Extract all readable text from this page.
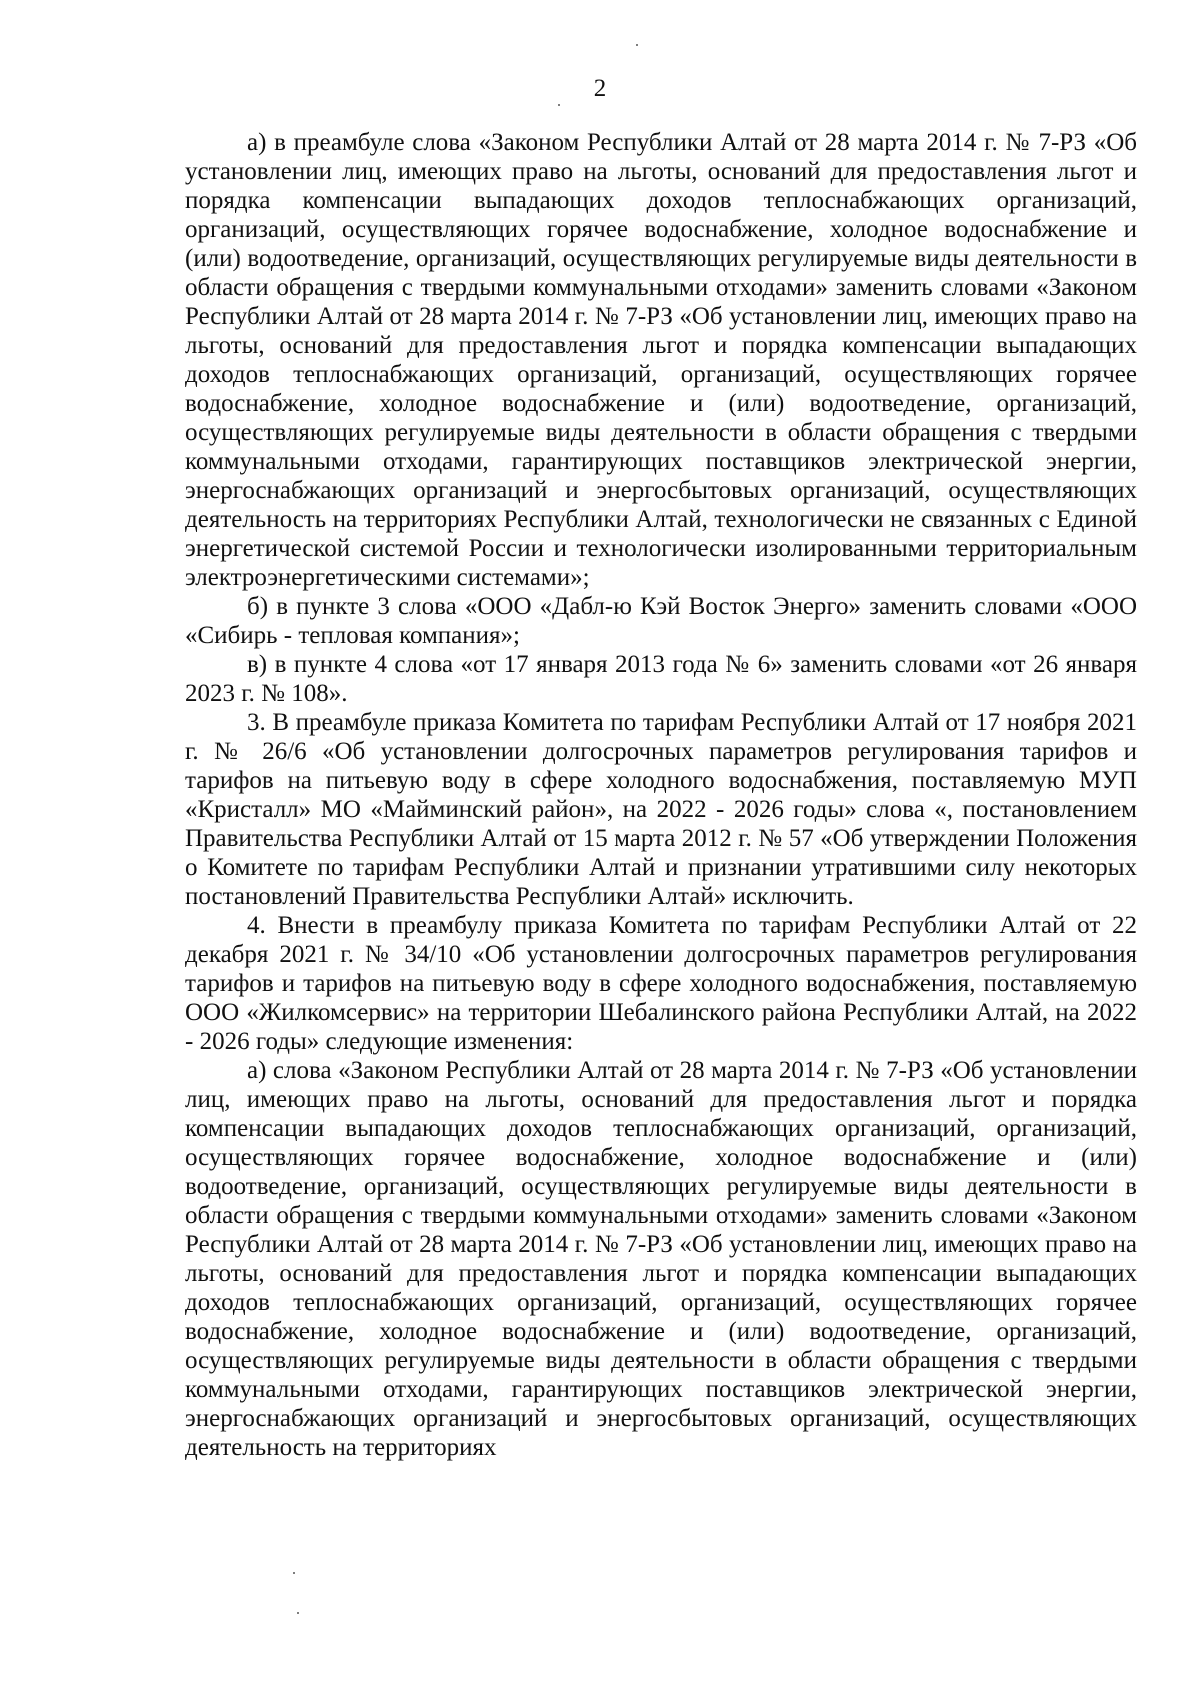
2

а) в преамбуле слова «Законом Республики Алтай от 28 марта 2014 г. № 7-РЗ «Об установлении лиц, имеющих право на льготы, оснований для предоставления льгот и порядка компенсации выпадающих доходов теплоснабжающих организаций, организаций, осуществляющих горячее водоснабжение, холодное водоснабжение и (или) водоотведение, организаций, осуществляющих регулируемые виды деятельности в области обращения с твердыми коммунальными отходами» заменить словами «Законом Республики Алтай от 28 марта 2014 г. № 7-РЗ «Об установлении лиц, имеющих право на льготы, оснований для предоставления льгот и порядка компенсации выпадающих доходов теплоснабжающих организаций, организаций, осуществляющих горячее водоснабжение, холодное водоснабжение и (или) водоотведение, организаций, осуществляющих регулируемые виды деятельности в области обращения с твердыми коммунальными отходами, гарантирующих поставщиков электрической энергии, энергоснабжающих организаций и энергосбытовых организаций, осуществляющих деятельность на территориях Республики Алтай, технологически не связанных с Единой энергетической системой России и технологически изолированными территориальным электроэнергетическими системами»;

б) в пункте 3 слова «ООО «Дабл-ю Кэй Восток Энерго» заменить словами «ООО «Сибирь - тепловая компания»;

в) в пункте 4 слова «от 17 января 2013 года № 6» заменить словами «от 26 января 2023 г. № 108».

3. В преамбуле приказа Комитета по тарифам Республики Алтай от 17 ноября 2021 г. № 26/6 «Об установлении долгосрочных параметров регулирования тарифов и тарифов на питьевую воду в сфере холодного водоснабжения, поставляемую МУП «Кристалл» МО «Майминский район», на 2022 - 2026 годы» слова «, постановлением Правительства Республики Алтай от 15 марта 2012 г. № 57 «Об утверждении Положения о Комитете по тарифам Республики Алтай и признании утратившими силу некоторых постановлений Правительства Республики Алтай» исключить.

4. Внести в преамбулу приказа Комитета по тарифам Республики Алтай от 22 декабря 2021 г. № 34/10 «Об установлении долгосрочных параметров регулирования тарифов и тарифов на питьевую воду в сфере холодного водоснабжения, поставляемую ООО «Жилкомсервис» на территории Шебалинского района Республики Алтай, на 2022 - 2026 годы» следующие изменения:

а) слова «Законом Республики Алтай от 28 марта 2014 г. № 7-РЗ «Об установлении лиц, имеющих право на льготы, оснований для предоставления льгот и порядка компенсации выпадающих доходов теплоснабжающих организаций, организаций, осуществляющих горячее водоснабжение, холодное водоснабжение и (или) водоотведение, организаций, осуществляющих регулируемые виды деятельности в области обращения с твердыми коммунальными отходами» заменить словами «Законом Республики Алтай от 28 марта 2014 г. № 7-РЗ «Об установлении лиц, имеющих право на льготы, оснований для предоставления льгот и порядка компенсации выпадающих доходов теплоснабжающих организаций, организаций, осуществляющих горячее водоснабжение, холодное водоснабжение и (или) водоотведение, организаций, осуществляющих регулируемые виды деятельности в области обращения с твердыми коммунальными отходами, гарантирующих поставщиков электрической энергии, энергоснабжающих организаций и энергосбытовых организаций, осуществляющих деятельность на территориях
